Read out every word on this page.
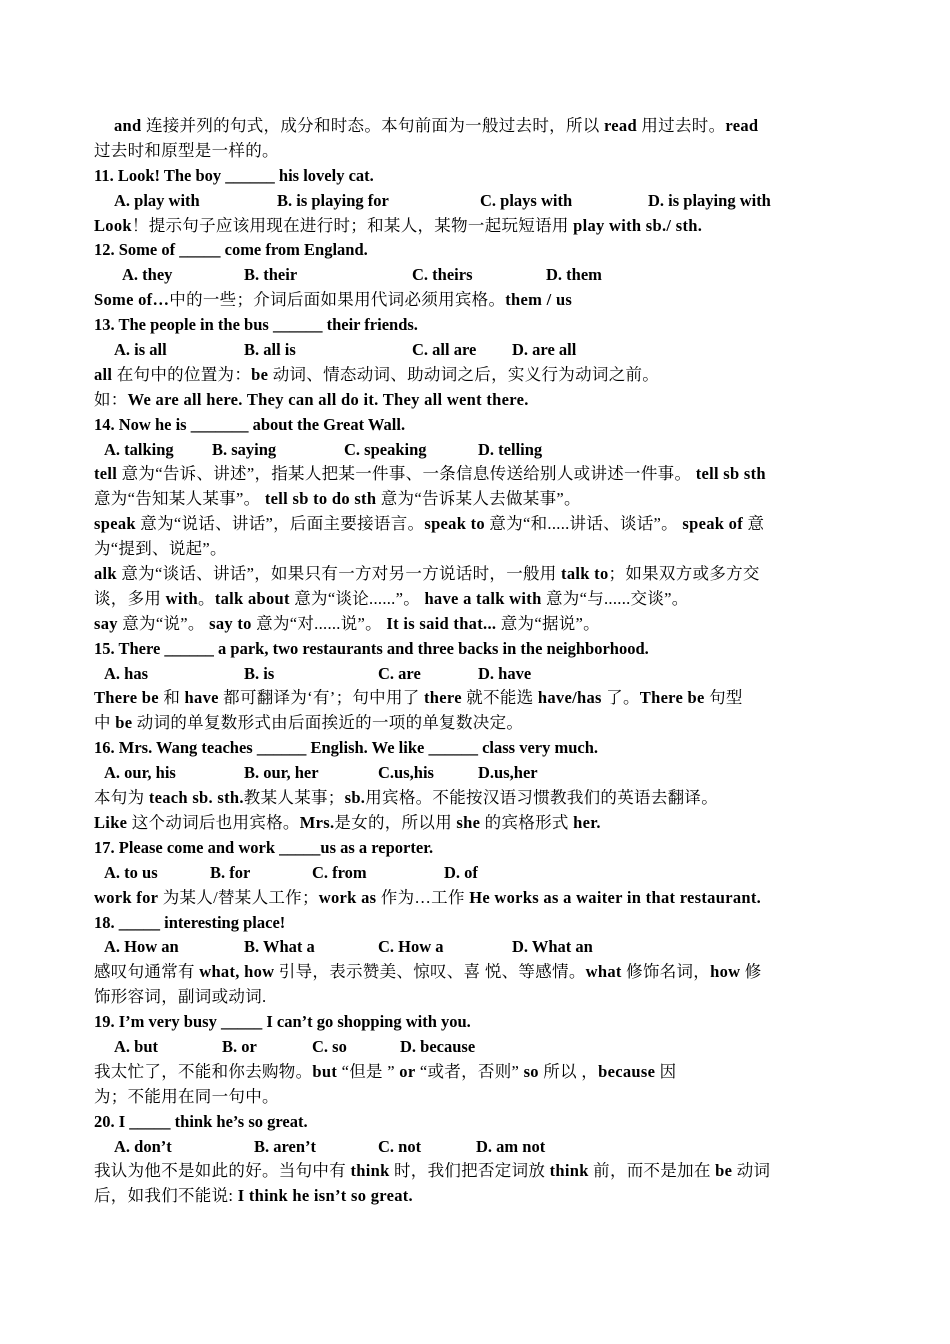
and 连接并列的句式，成分和时态。本句前面为一般过去时，所以 read 用过去时。read
过去时和原型是一样的。
11. Look! The boy ______ his lovely cat.
A. play with	B. is playing for	C. plays with	D. is playing with
Look！提示句子应该用现在进行时；和某人，某物一起玩短语用 play with sb./ sth.
12. Some of _____ come from England.
A. they	B. their	C. theirs	D. them
Some of…中的一些；介词后面如果用代词必须用宾格。them / us
13. The people in the bus ______ their friends.
A. is all	B. all is	C. all are	D. are all
all 在句中的位置为：be 动词、情态动词、助动词之后，实义行为动词之前。
如：We are all here. They can all do it. They all went there.
14. Now he is _______ about the Great Wall.
A. talking	B. saying	C. speaking	D. telling
tell 意为“告诉、讲述”，指某人把某一件事、一条信息传送给别人或讲述一件事。 tell sb sth
意为“告知某人某事”。 tell sb to do sth 意为“告诉某人去做某事”。
speak 意为“说话、讲话”，后面主要接语言。speak to 意为“和.....讲话、谈话”。 speak of 意
为“提到、说起”。
alk 意为“谈话、讲话”，如果只有一方对另一方说话时，一般用 talk to；如果双方或多方交
谈，多用 with。talk about 意为“谈论......”。 have a talk with 意为“与......交谈”。
say 意为“说”。 say to 意为“对......说”。 It is said that... 意为“据说”。
15. There ______ a park, two restaurants and three backs in the neighborhood.
A. has	B. is	C. are	D. have
There be 和 have 都可翻译为‘有’；句中用了 there 就不能选 have/has 了。There be 句型
中 be 动词的单复数形式由后面挨近的一项的单复数决定。
16. Mrs. Wang teaches ______ English. We like ______ class very much.
A. our, his	B. our, her	C.us,his	D.us,her
本句为 teach sb. sth.教某人某事；sb.用宾格。不能按汉语习惯教我们的英语去翻译。
Like 这个动词后也用宾格。Mrs.是女的，所以用 she 的宾格形式 her.
17. Please come and work _____us as a reporter.
A. to us	B. for	C. from	D. of
work for 为某人/替某人工作；work as 作为…工作 He works as a waiter in that restaurant.
18. _____ interesting place!
A. How an	B. What a	C. How a	D. What an
感叹句通常有 what, how 引导，表示赞美、惊叹、喜 悦、等感情。what 修饰名词，how 修
饰形容词，副词或动词.
19. I’m very busy _____ I can’t go shopping with you.
A. but	B. or	C. so	D. because
我太忙了，不能和你去购物。but “但是 ” or “或者，否则” so 所以 ，because 因
为；不能用在同一句中。
20. I _____ think he’s so great.
A. don’t	B. aren’t	C. not	D. am not
我认为他不是如此的好。当句中有 think 时，我们把否定词放 think 前，而不是加在 be 动词
后，如我们不能说: I think he isn’t so great.
